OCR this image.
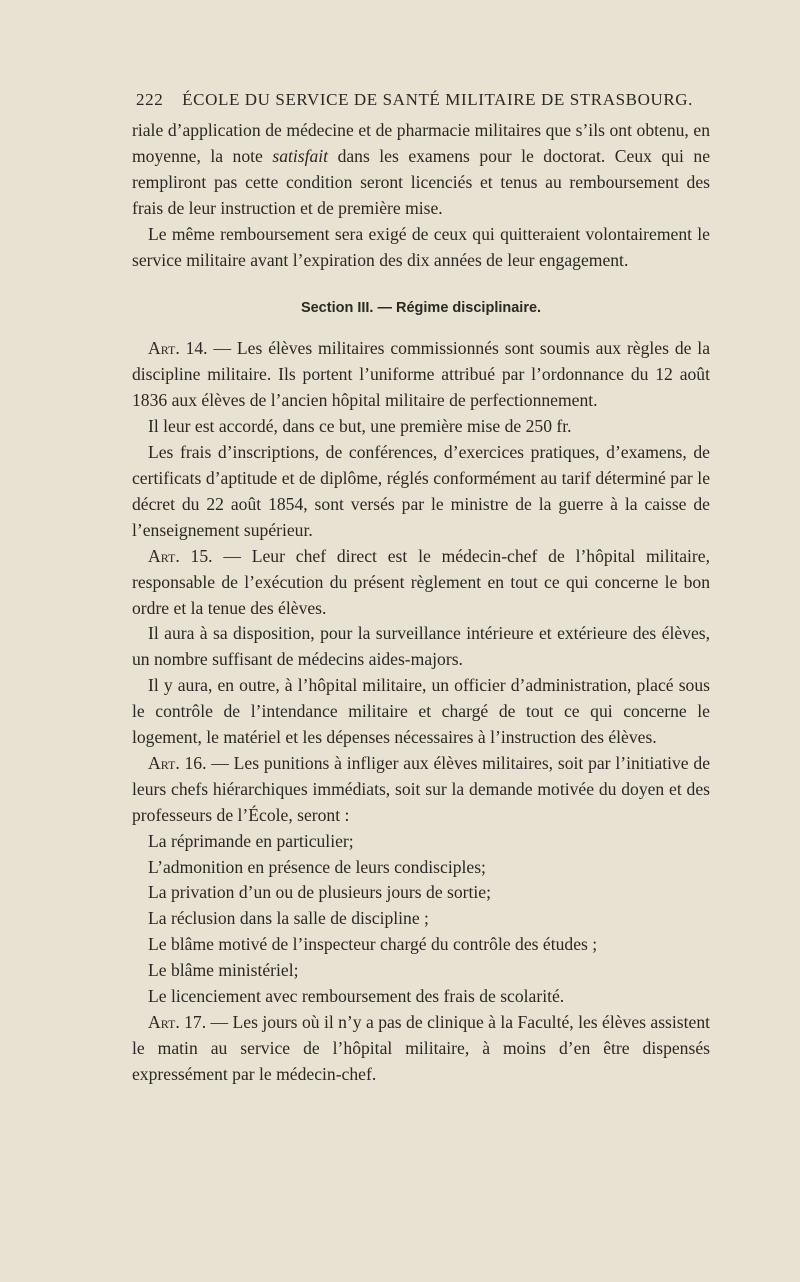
222 ÉCOLE DU SERVICE DE SANTÉ MILITAIRE DE STRASBOURG.

riale d’application de médecine et de pharmacie militaires que s’ils ont obtenu, en moyenne, la note satisfait dans les examens pour le doctorat. Ceux qui ne rempliront pas cette condition seront licenciés et tenus au remboursement des frais de leur instruction et de première mise.

Le même remboursement sera exigé de ceux qui quitteraient volontairement le service militaire avant l’expiration des dix années de leur engagement.

Section III. — Régime disciplinaire.

Art. 14. — Les élèves militaires commissionnés sont soumis aux règles de la discipline militaire. Ils portent l’uniforme attribué par l’ordonnance du 12 août 1836 aux élèves de l’ancien hôpital militaire de perfectionnement.

Il leur est accordé, dans ce but, une première mise de 250 fr.

Les frais d’inscriptions, de conférences, d’exercices pratiques, d’examens, de certificats d’aptitude et de diplôme, réglés conformément au tarif déterminé par le décret du 22 août 1854, sont versés par le ministre de la guerre à la caisse de l’enseignement supérieur.

Art. 15. — Leur chef direct est le médecin-chef de l’hôpital militaire, responsable de l’exécution du présent règlement en tout ce qui concerne le bon ordre et la tenue des élèves.

Il aura à sa disposition, pour la surveillance intérieure et extérieure des élèves, un nombre suffisant de médecins aides-majors.

Il y aura, en outre, à l’hôpital militaire, un officier d’administration, placé sous le contrôle de l’intendance militaire et chargé de tout ce qui concerne le logement, le matériel et les dépenses nécessaires à l’instruction des élèves.

Art. 16. — Les punitions à infliger aux élèves militaires, soit par l’initiative de leurs chefs hiérarchiques immédiats, soit sur la demande motivée du doyen et des professeurs de l’École, seront :

La réprimande en particulier;

L’admonition en présence de leurs condisciples;

La privation d’un ou de plusieurs jours de sortie;

La réclusion dans la salle de discipline ;

Le blâme motivé de l’inspecteur chargé du contrôle des études ;

Le blâme ministériel;

Le licenciement avec remboursement des frais de scolarité.

Art. 17. — Les jours où il n’y a pas de clinique à la Faculté, les élèves assistent le matin au service de l’hôpital militaire, à moins d’en être dispensés expressément par le médecin-chef.
